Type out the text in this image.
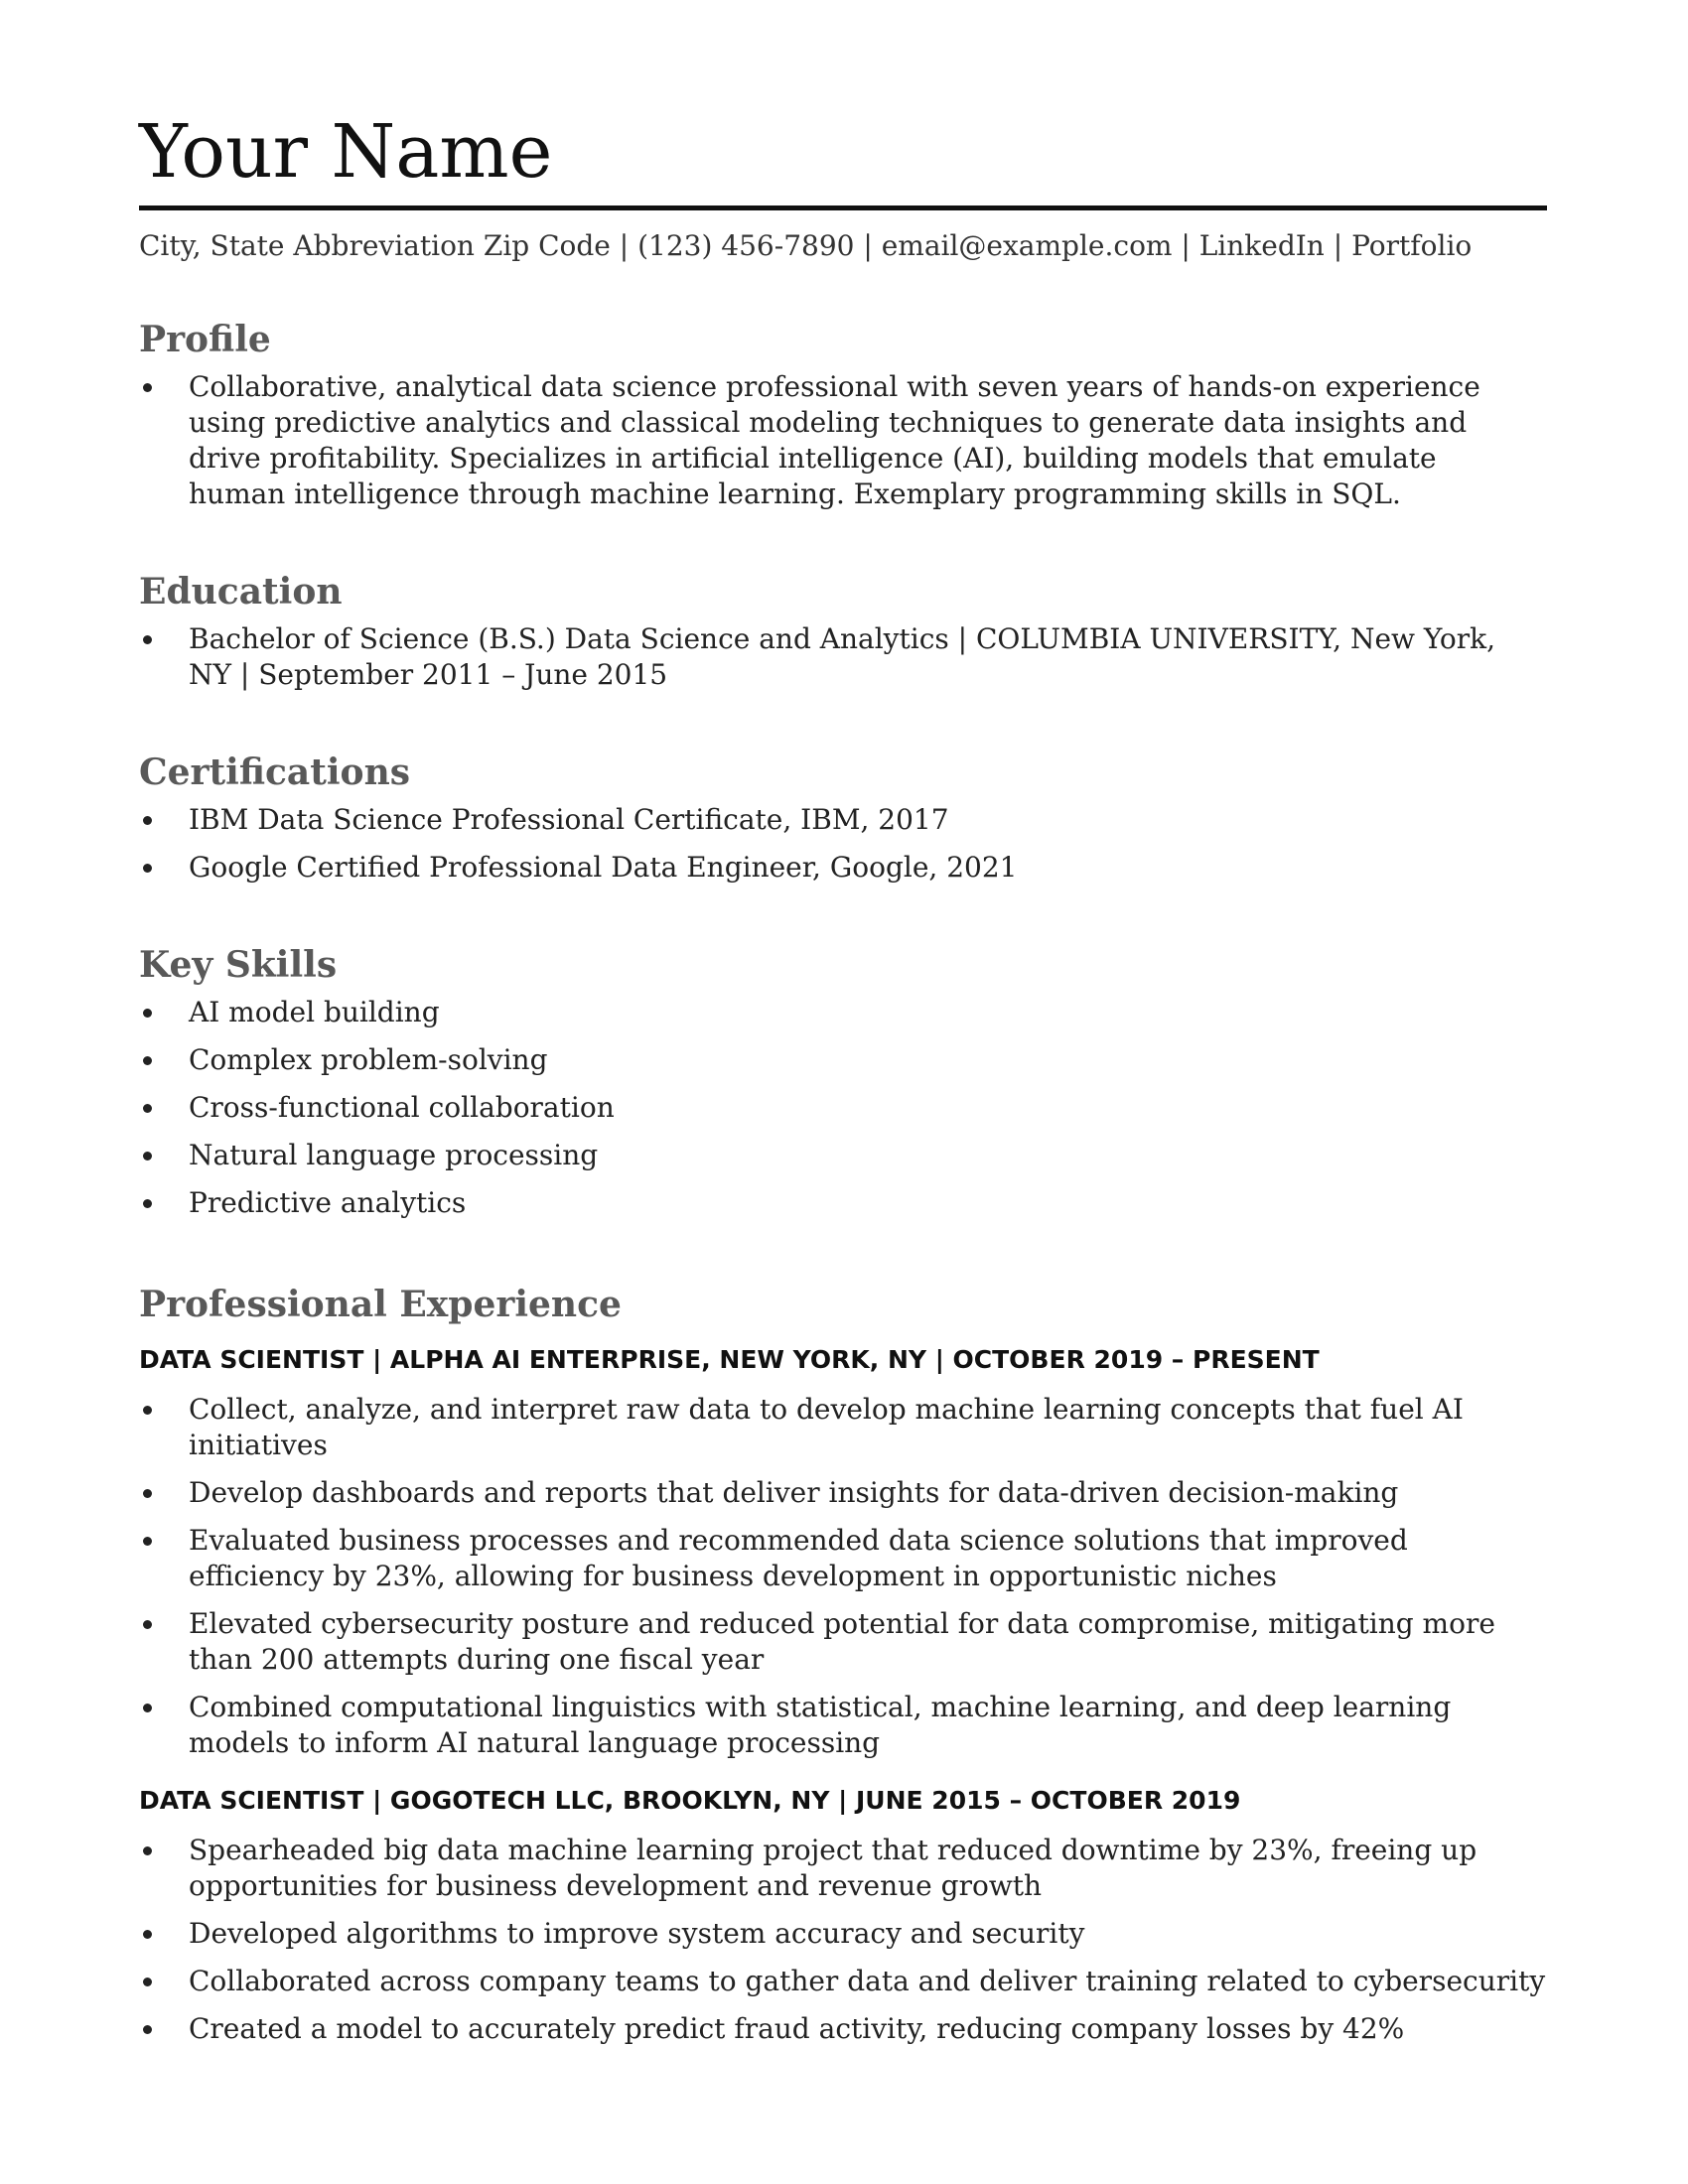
Your Name
City, State Abbreviation Zip Code | (123) 456-7890 | email@example.com | LinkedIn | Portfolio
Profile
Collaborative, analytical data science professional with seven years of hands-on experience using predictive analytics and classical modeling techniques to generate data insights and drive profitability. Specializes in artificial intelligence (AI), building models that emulate human intelligence through machine learning. Exemplary programming skills in SQL.
Education
Bachelor of Science (B.S.) Data Science and Analytics | COLUMBIA UNIVERSITY, New York, NY | September 2011 – June 2015
Certifications
IBM Data Science Professional Certificate, IBM, 2017
Google Certified Professional Data Engineer, Google, 2021
Key Skills
AI model building
Complex problem-solving
Cross-functional collaboration
Natural language processing
Predictive analytics
Professional Experience
DATA SCIENTIST | ALPHA AI ENTERPRISE, NEW YORK, NY | OCTOBER 2019 – PRESENT
Collect, analyze, and interpret raw data to develop machine learning concepts that fuel AI initiatives
Develop dashboards and reports that deliver insights for data-driven decision-making
Evaluated business processes and recommended data science solutions that improved efficiency by 23%, allowing for business development in opportunistic niches
Elevated cybersecurity posture and reduced potential for data compromise, mitigating more than 200 attempts during one fiscal year
Combined computational linguistics with statistical, machine learning, and deep learning models to inform AI natural language processing
DATA SCIENTIST | GOGOTECH LLC, BROOKLYN, NY | JUNE 2015 – OCTOBER 2019
Spearheaded big data machine learning project that reduced downtime by 23%, freeing up opportunities for business development and revenue growth
Developed algorithms to improve system accuracy and security
Collaborated across company teams to gather data and deliver training related to cybersecurity
Created a model to accurately predict fraud activity, reducing company losses by 42%
